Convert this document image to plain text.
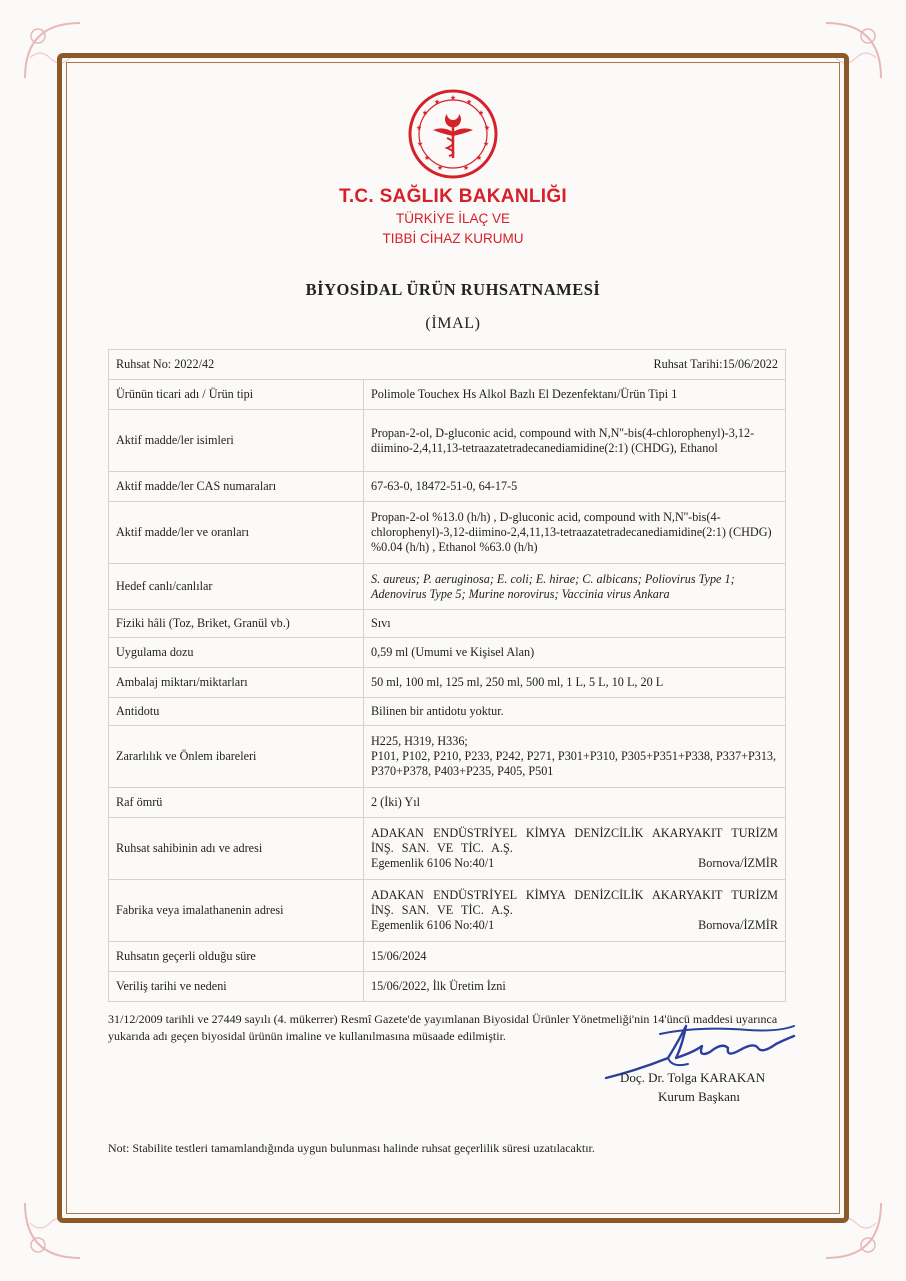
★ ★
★
★
★
★
★
★
★
★
★
★
★
T.C. SAĞLIK BAKANLIĞI
TÜRKİYE İLAÇ VE
TIBBİ CİHAZ KURUMU
BİYOSİDAL ÜRÜN RUHSATNAMESİ
(İMAL)
Ruhsat No: 2022/42 Ruhsat Tarihi:15/06/2022	

Ürünün ticari adı / Ürün tipi	Polimole Touchex Hs Alkol Bazlı El Dezenfektanı/Ürün Tipi 1
Aktif madde/ler isimleri	Propan-2-ol, D-gluconic acid, compound with N,N''-bis(4-chlorophenyl)-3,12-diimino-2,4,11,13-tetraazatetradecanediamidine(2:1) (CHDG), Ethanol
Aktif madde/ler CAS numaraları	67-63-0, 18472-51-0, 64-17-5
Aktif madde/ler ve oranları	Propan-2-ol %13.0 (h/h) , D-gluconic acid, compound with N,N''-bis(4-chlorophenyl)-3,12-diimino-2,4,11,13-tetraazatetradecanediamidine(2:1) (CHDG) %0.04 (h/h) , Ethanol %63.0 (h/h)
Hedef canlı/canlılar	S. aureus; P. aeruginosa; E. coli; E. hirae; C. albicans; Poliovirus Type 1; Adenovirus Type 5; Murine norovirus; Vaccinia virus Ankara
Fiziki hâli (Toz, Briket, Granül vb.)	Sıvı
Uygulama dozu	0,59 ml (Umumi ve Kişisel Alan)
Ambalaj miktarı/miktarları	50 ml, 100 ml, 125 ml, 250 ml, 500 ml, 1 L, 5 L, 10 L, 20 L
Antidotu	Bilinen bir antidotu yoktur.
Zararlılık ve Önlem ibareleri	H225, H319, H336;
P101, P102, P210, P233, P242, P271, P301+P310, P305+P351+P338, P337+P313, P370+P378, P403+P235, P405, P501

Raf ömrü	2 (İki) Yıl
Ruhsat sahibinin adı ve adresi	ADAKAN ENDÜSTRİYEL KİMYA DENİZCİLİK AKARYAKIT TURİZM İNŞ. SAN. VE TİC. A.Ş.
Egemenlik 6106 No:40/1 Bornova/İZMİR

Fabrika veya imalathanenin adresi	ADAKAN ENDÜSTRİYEL KİMYA DENİZCİLİK AKARYAKIT TURİZM İNŞ. SAN. VE TİC. A.Ş.
Egemenlik 6106 No:40/1 Bornova/İZMİR

Ruhsatın geçerli olduğu süre	15/06/2024
Veriliş tarihi ve nedeni	15/06/2022, İlk Üretim İzni
31/12/2009 tarihli ve 27449 sayılı (4. mükerrer) Resmî Gazete'de yayımlanan Biyosidal Ürünler Yönetmeliği'nin 14'üncü maddesi uyarınca yukarıda adı geçen biyosidal ürünün imaline ve kullanılmasına müsaade edilmiştir.
Doç. Dr. Tolga KARAKAN
Kurum Başkanı
Not: Stabilite testleri tamamlandığında uygun bulunması halinde ruhsat geçerlilik süresi uzatılacaktır.
